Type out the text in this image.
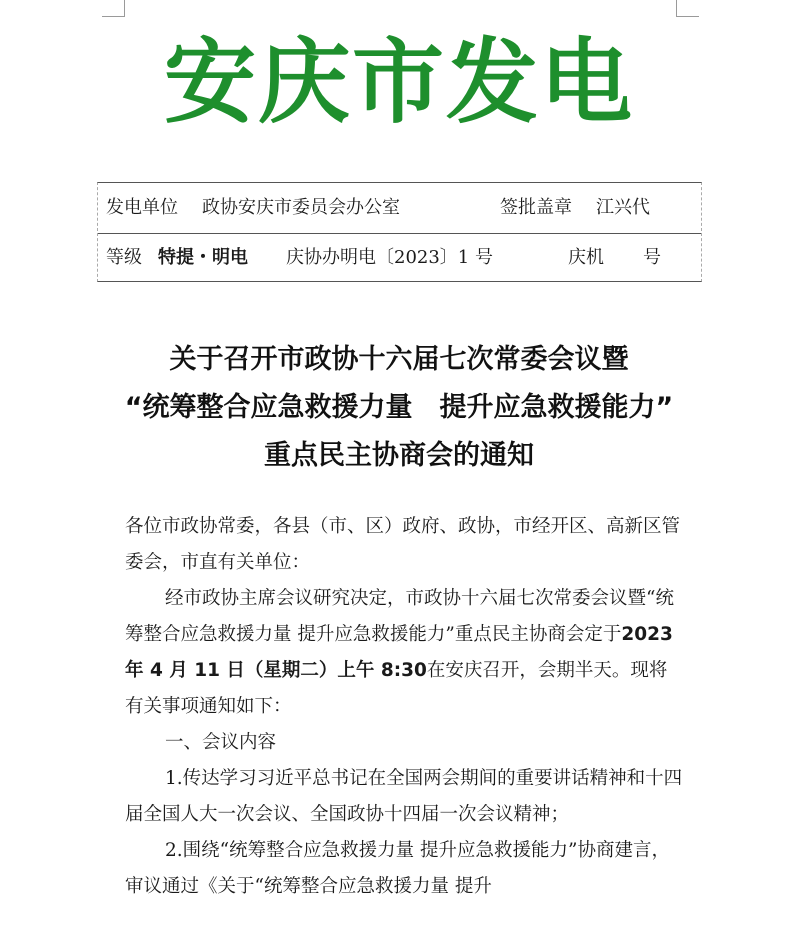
安庆市发电
发电单位 政协安庆市委员会办公室	签批盖章 江兴代
等级 特提・明电 庆协办明电〔2023〕1 号	庆机 号
关于召开市政协十六届七次常委会议暨
“统筹整合应急救援力量　提升应急救援能力”
重点民主协商会的通知

各位市政协常委，各县（市、区）政府、政协，市经开区、高新区管委会，市直有关单位：

经市政协主席会议研究决定，市政协十六届七次常委会议暨“统筹整合应急救援力量 提升应急救援能力”重点民主协商会定于2023 年 4 月 11 日（星期二）上午 8:30在安庆召开，会期半天。现将有关事项通知如下：

一、会议内容

1.传达学习习近平总书记在全国两会期间的重要讲话精神和十四届全国人大一次会议、全国政协十四届一次会议精神；

2.围绕“统筹整合应急救援力量 提升应急救援能力”协商建言，审议通过《关于“统筹整合应急救援力量 提升
